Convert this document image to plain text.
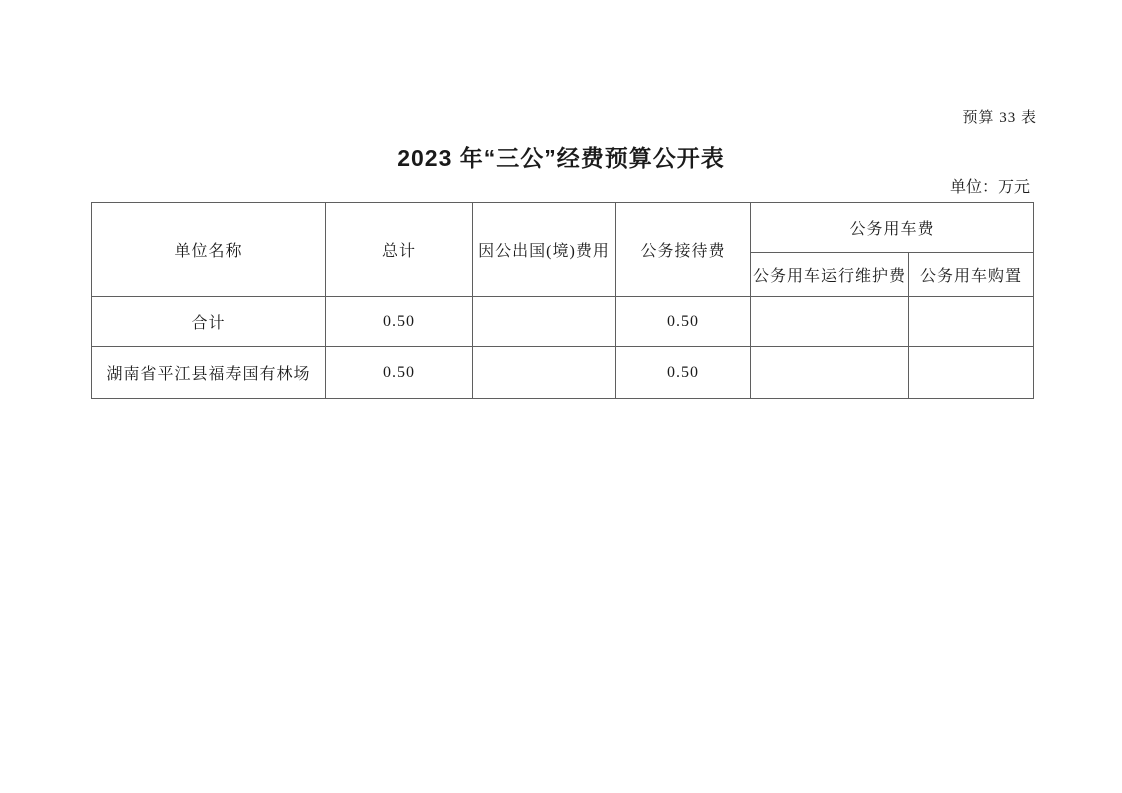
预算 33 表
2023 年“三公”经费预算公开表
单位：万元
单位名称	总计	因公出国(境)费用	公务接待费	公务用车费	
				公务用车运行维护费	公务用车购置
合计	0.50		0.50		
湖南省平江县福寿国有林场	0.50		0.50		
